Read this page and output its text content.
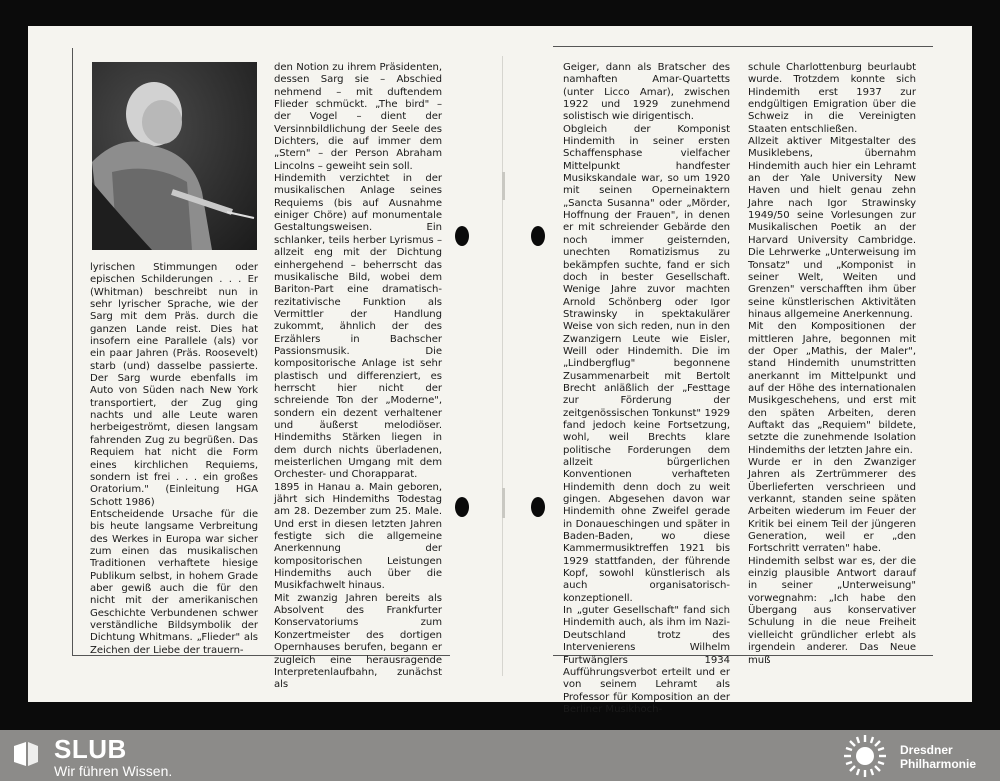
lyrischen Stimmungen oder epischen Schilderungen . . . Er (Whitman) beschreibt nun in sehr lyrischer Sprache, wie der Sarg mit dem Präs. durch die ganzen Lande reist. Dies hat insofern eine Parallele (als) vor ein paar Jahren (Präs. Roosevelt) starb (und) dasselbe passierte. Der Sarg wurde ebenfalls im Auto von Süden nach New York transportiert, der Zug ging nachts und alle Leute waren herbeigeströmt, diesen langsam fahrenden Zug zu begrüßen. Das Requiem hat nicht die Form eines kirchlichen Requiems, sondern ist frei . . . ein großes Oratorium." (Einleitung HGA Schott 1986)

Entscheidende Ursache für die bis heute langsame Verbreitung des Werkes in Europa war sicher zum einen das musikalischen Traditionen verhaftete hiesige Publikum selbst, in hohem Grade aber gewiß auch die für den nicht mit der amerikanischen Geschichte Verbundenen schwer verständliche Bildsymbolik der Dichtung Whitmans. „Flieder" als Zeichen der Liebe der trauern-

den Notion zu ihrem Präsidenten, dessen Sarg sie – Abschied nehmend – mit duftendem Flieder schmückt. „The bird" – der Vogel – dient der Versinnbildlichung der Seele des Dichters, die auf immer dem „Stern" – der Person Abraham Lincolns – geweiht sein soll.

Hindemith verzichtet in der musikalischen Anlage seines Requiems (bis auf Ausnahme einiger Chöre) auf monumentale Gestaltungsweisen. Ein schlanker, teils herber Lyrismus – allzeit eng mit der Dichtung einhergehend – beherrscht das musikalische Bild, wobei dem Bariton-Part eine dramatisch-rezitativische Funktion als Vermittler der Handlung zukommt, ähnlich der des Erzählers in Bachscher Passionsmusik. Die kompositorische Anlage ist sehr plastisch und differenziert, es herrscht hier nicht der schreiende Ton der „Moderne", sondern ein dezent verhaltener und äußerst melodiöser. Hindemiths Stärken liegen in dem durch nichts überladenen, meisterlichen Umgang mit dem Orchester- und Chorapparat.

1895 in Hanau a. Main geboren, jährt sich Hindemiths Todestag am 28. Dezember zum 25. Male. Und erst in diesen letzten Jahren festigte sich die allgemeine Anerkennung der kompositorischen Leistungen Hindemiths auch über die Musikfachwelt hinaus.

Mit zwanzig Jahren bereits als Absolvent des Frankfurter Konservatoriums zum Konzertmeister des dortigen Opernhauses berufen, begann er zugleich eine herausragende Interpretenlaufbahn, zunächst als

Geiger, dann als Bratscher des namhaften Amar-Quartetts (unter Licco Amar), zwischen 1922 und 1929 zunehmend solistisch wie dirigentisch.

Obgleich der Komponist Hindemith in seiner ersten Schaffensphase vielfacher Mittelpunkt handfester Musikskandale war, so um 1920 mit seinen Operneinaktern „Sancta Susanna" oder „Mörder, Hoffnung der Frauen", in denen er mit schreiender Gebärde den noch immer geisternden, unechten Romatizismus zu bekämpfen suchte, fand er sich doch in bester Gesellschaft. Wenige Jahre zuvor machten Arnold Schönberg oder Igor Strawinsky in spektakulärer Weise von sich reden, nun in den Zwanzigern Leute wie Eisler, Weill oder Hindemith. Die im „Lindbergflug" begonnene Zusammenarbeit mit Bertolt Brecht anläßlich der „Festtage zur Förderung der zeitgenössischen Tonkunst" 1929 fand jedoch keine Fortsetzung, wohl, weil Brechts klare politische Forderungen dem allzeit bürgerlichen Konventionen verhafteten Hindemith denn doch zu weit gingen. Abgesehen davon war Hindemith ohne Zweifel gerade in Donaueschingen und später in Baden-Baden, wo diese Kammermusiktreffen 1921 bis 1929 stattfanden, der führende Kopf, sowohl künstlerisch als auch organisatorisch-konzeptionell.

In „guter Gesellschaft" fand sich Hindemith auch, als ihm im Nazi-Deutschland trotz des Intervenierens Wilhelm Furtwänglers 1934 Aufführungsverbot erteilt und er von seinem Lehramt als Professor für Komposition an der Berliner Musikhoch-

schule Charlottenburg beurlaubt wurde. Trotzdem konnte sich Hindemith erst 1937 zur endgültigen Emigration über die Schweiz in die Vereinigten Staaten entschließen.

Allzeit aktiver Mitgestalter des Musiklebens, übernahm Hindemith auch hier ein Lehramt an der Yale University New Haven und hielt genau zehn Jahre nach Igor Strawinsky 1949/50 seine Vorlesungen zur Musikalischen Poetik an der Harvard University Cambridge. Die Lehrwerke „Unterweisung im Tonsatz" und „Komponist in seiner Welt, Weiten und Grenzen" verschafften ihm über seine künstlerischen Aktivitäten hinaus allgemeine Anerkennung.

Mit den Kompositionen der mittleren Jahre, begonnen mit der Oper „Mathis, der Maler", stand Hindemith unumstritten anerkannt im Mittelpunkt und auf der Höhe des internationalen Musikgeschehens, und erst mit den späten Arbeiten, deren Auftakt das „Requiem" bildete, setzte die zunehmende Isolation Hindemiths der letzten Jahre ein.

Wurde er in den Zwanziger Jahren als Zertrümmerer des Überlieferten verschrieen und verkannt, standen seine späten Arbeiten wiederum im Feuer der Kritik bei einem Teil der jüngeren Generation, weil er „den Fortschritt verraten" habe.

Hindemith selbst war es, der die einzig plausible Antwort darauf in seiner „Unterweisung" vorwegnahm: „Ich habe den Übergang aus konservativer Schulung in die neue Freiheit vielleicht gründlicher erlebt als irgendein anderer. Das Neue muß

SLUB
Wir führen Wissen.
Dresdner
Philharmonie
